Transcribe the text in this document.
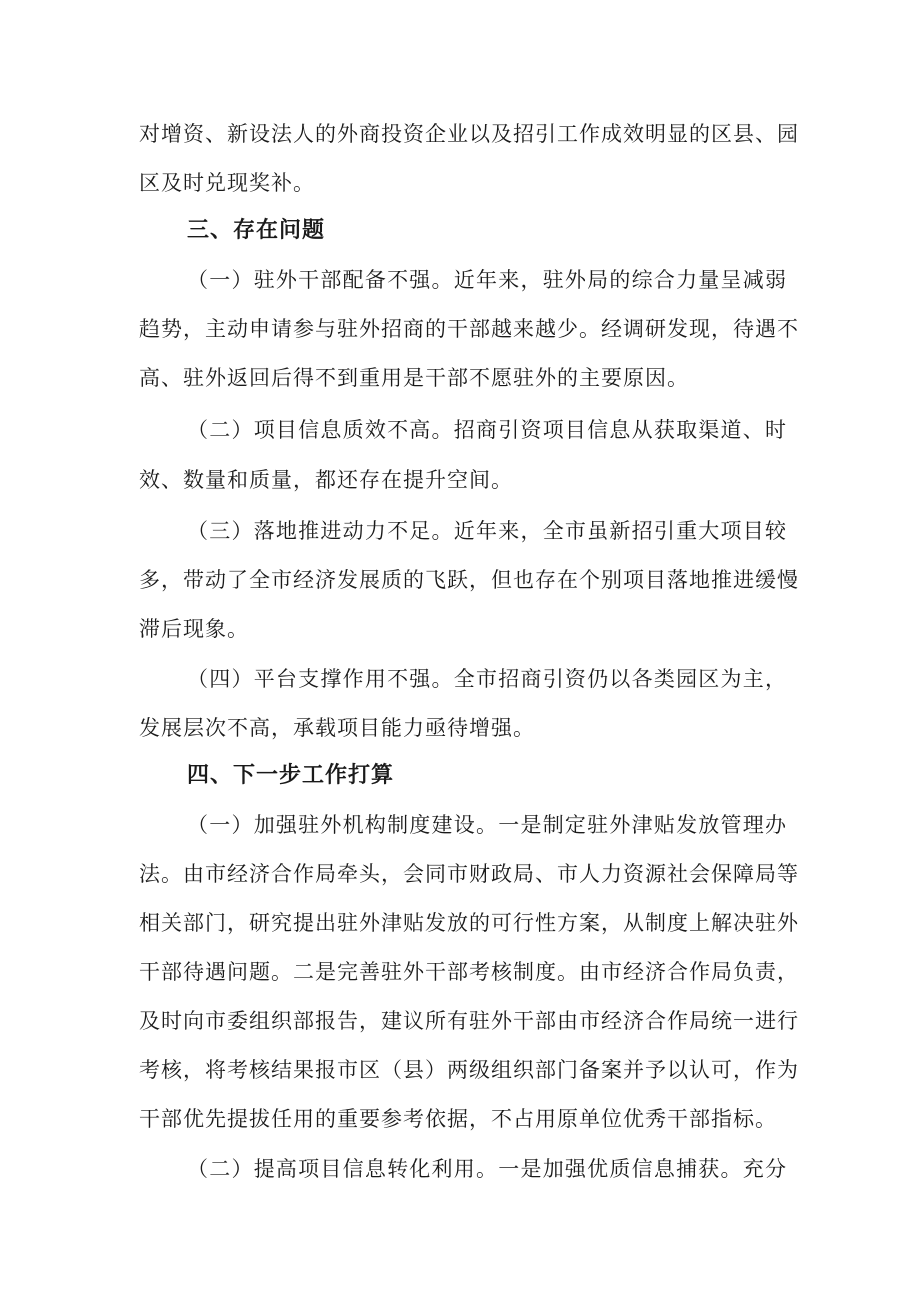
对增资、新设法人的外商投资企业以及招引工作成效明显的区县、园
区及时兑现奖补。
三、存在问题
（一）驻外干部配备不强。近年来，驻外局的综合力量呈减弱
趋势，主动申请参与驻外招商的干部越来越少。经调研发现，待遇不
高、驻外返回后得不到重用是干部不愿驻外的主要原因。
（二）项目信息质效不高。招商引资项目信息从获取渠道、时
效、数量和质量，都还存在提升空间。
（三）落地推进动力不足。近年来，全市虽新招引重大项目较
多，带动了全市经济发展质的飞跃，但也存在个别项目落地推进缓慢
滞后现象。
（四）平台支撑作用不强。全市招商引资仍以各类园区为主，
发展层次不高，承载项目能力亟待增强。
四、下一步工作打算
（一）加强驻外机构制度建设。一是制定驻外津贴发放管理办
法。由市经济合作局牵头，会同市财政局、市人力资源社会保障局等
相关部门，研究提出驻外津贴发放的可行性方案，从制度上解决驻外
干部待遇问题。二是完善驻外干部考核制度。由市经济合作局负责，
及时向市委组织部报告，建议所有驻外干部由市经济合作局统一进行
考核，将考核结果报市区（县）两级组织部门备案并予以认可，作为
干部优先提拔任用的重要参考依据，不占用原单位优秀干部指标。
（二）提高项目信息转化利用。一是加强优质信息捕获。充分
